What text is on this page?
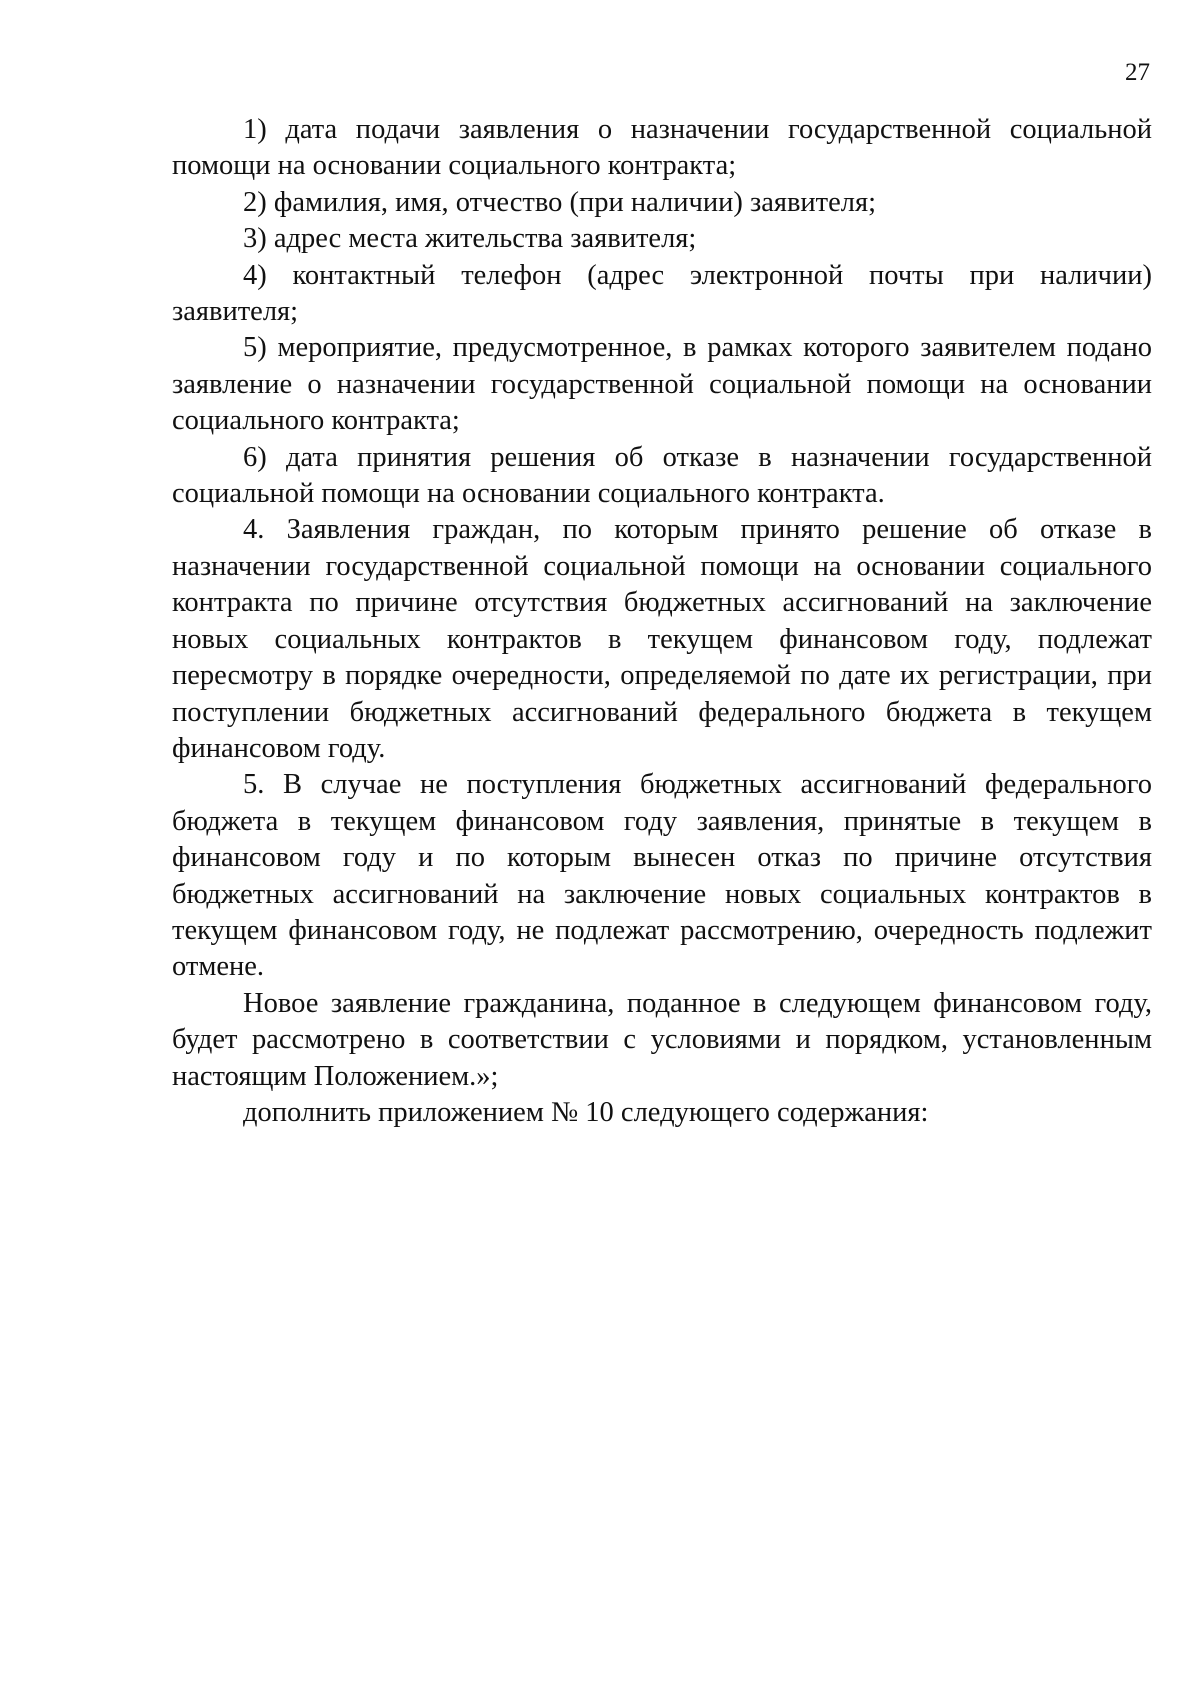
27

1) дата подачи заявления о назначении государственной социальной помощи на основании социального контракта;

2) фамилия, имя, отчество (при наличии) заявителя;

3) адрес места жительства заявителя;

4) контактный телефон (адрес электронной почты при наличии) заявителя;

5) мероприятие, предусмотренное, в рамках которого заявителем подано заявление о назначении государственной социальной помощи на основании социального контракта;

6) дата принятия решения об отказе в назначении государственной социальной помощи на основании социального контракта.

4. Заявления граждан, по которым принято решение об отказе в назначении государственной социальной помощи на основании социального контракта по причине отсутствия бюджетных ассигнований на заключение новых социальных контрактов в текущем финансовом году, подлежат пересмотру в порядке очередности, определяемой по дате их регистрации, при поступлении бюджетных ассигнований федерального бюджета в текущем финансовом году.

5. В случае не поступления бюджетных ассигнований федерального бюджета в текущем финансовом году заявления, принятые в текущем в финансовом году и по которым вынесен отказ по причине отсутствия бюджетных ассигнований на заключение новых социальных контрактов в текущем финансовом году, не подлежат рассмотрению, очередность подлежит отмене.

Новое заявление гражданина, поданное в следующем финансовом году, будет рассмотрено в соответствии с условиями и порядком, установленным настоящим Положением.»;

дополнить приложением № 10 следующего содержания:
